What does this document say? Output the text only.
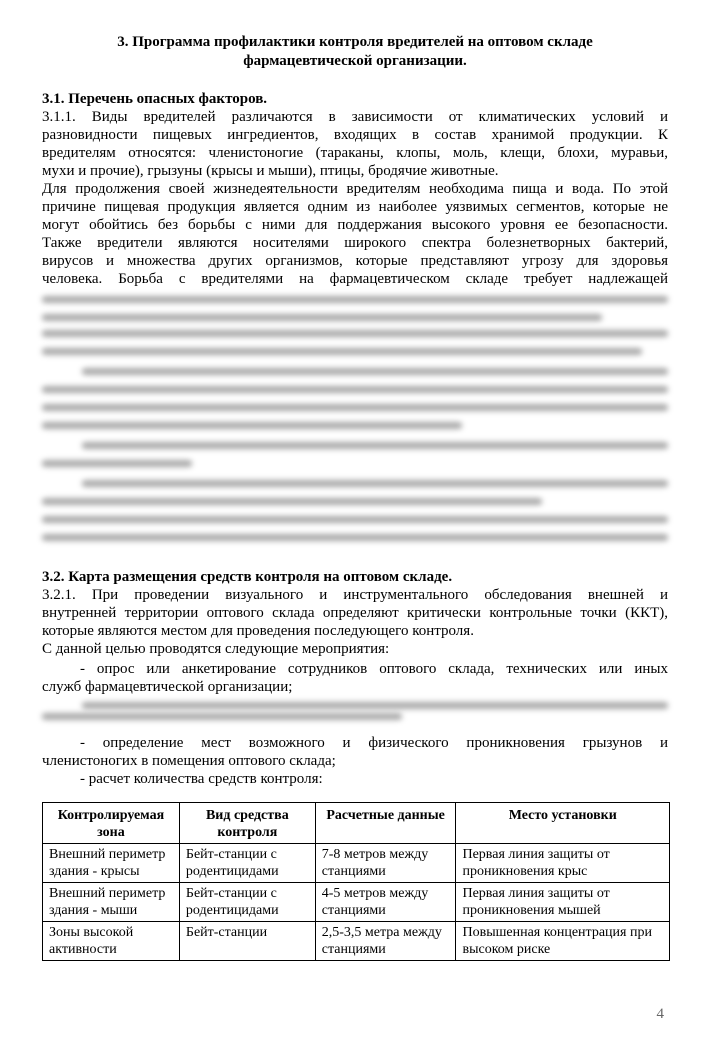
3. Программа профилактики контроля вредителей на оптовом складе
фармацевтической организации.
3.1. Перечень опасных факторов.
3.1.1. Виды вредителей различаются в зависимости от климатических условий и
разновидности пищевых ингредиентов, входящих в состав хранимой продукции. К
вредителям относятся: членистоногие (тараканы, клопы, моль, клещи, блохи, муравьи,
мухи и прочие), грызуны (крысы и мыши), птицы, бродячие животные.
Для продолжения своей жизнедеятельности вредителям необходима пища и вода. По этой
причине пищевая продукция является одним из наиболее уязвимых сегментов, которые не
могут обойтись без борьбы с ними для поддержания высокого уровня ее безопасности.
Также вредители являются носителями широкого спектра болезнетворных бактерий,
вирусов и множества других организмов, которые представляют угрозу для здоровья
человека. Борьба с вредителями на фармацевтическом складе требует надлежащей
3.2. Карта размещения средств контроля на оптовом складе.
3.2.1. При проведении визуального и инструментального обследования внешней и
внутренней территории оптового склада определяют критически контрольные точки (ККТ),
которые являются местом для проведения последующего контроля.
С данной целью проводятся следующие мероприятия:
- опрос или анкетирование сотрудников оптового склада, технических или иных
служб фармацевтической организации;
- определение мест возможного и физического проникновения грызунов и
членистоногих в помещения оптового склада;
- расчет количества средств контроля:
Контролируемая зона	Вид средства контроля	Расчетные данные	Место установки
Внешний периметр здания - крысы	Бейт-станции с родентицидами	7-8 метров между станциями	Первая линия защиты от проникновения крыс
Внешний периметр здания - мыши	Бейт-станции с родентицидами	4-5 метров между станциями	Первая линия защиты от проникновения мышей
Зоны высокой активности	Бейт-станции	2,5-3,5 метра между станциями	Повышенная концентрация при высоком риске
4
